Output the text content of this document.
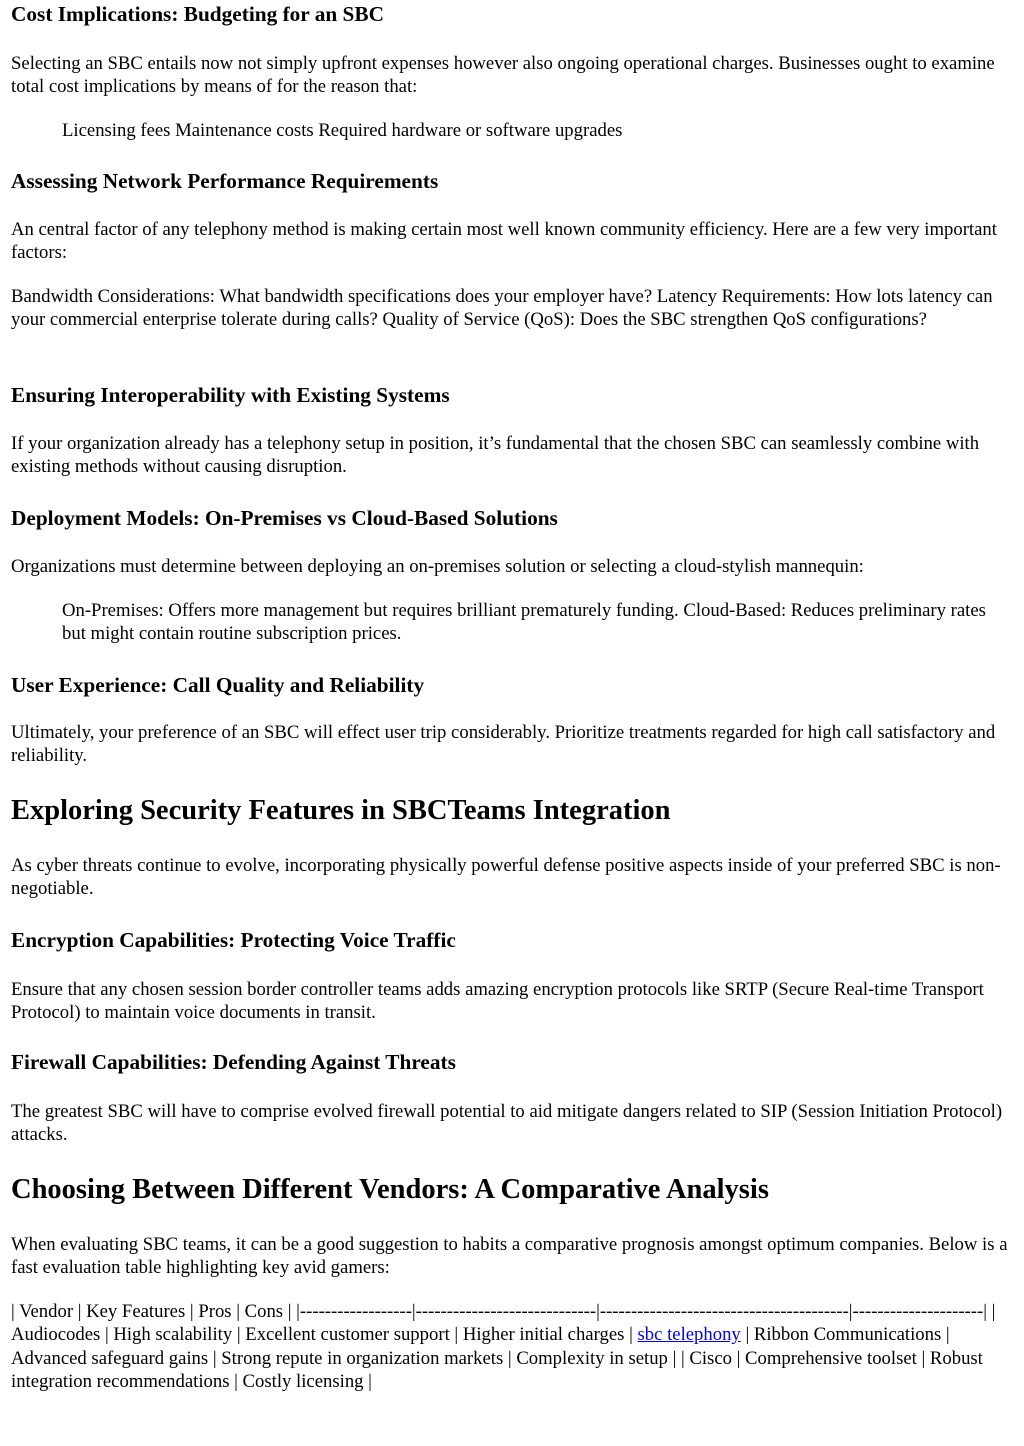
Cost Implications: Budgeting for an SBC

Selecting an SBC entails now not simply upfront expenses however also ongoing operational charges. Businesses ought to examine total cost implications by means of for the reason that:

Licensing fees Maintenance costs Required hardware or software upgrades

Assessing Network Performance Requirements

An central factor of any telephony method is making certain most well known community efficiency. Here are a few very important factors:

Bandwidth Considerations: What bandwidth specifications does your employer have? Latency Requirements: How lots latency can your commercial enterprise tolerate during calls? Quality of Service (QoS): Does the SBC strengthen QoS configurations?

Ensuring Interoperability with Existing Systems

If your organization already has a telephony setup in position, it’s fundamental that the chosen SBC can seamlessly combine with existing methods without causing disruption.

Deployment Models: On-Premises vs Cloud-Based Solutions

Organizations must determine between deploying an on-premises solution or selecting a cloud-stylish mannequin:

On-Premises: Offers more management but requires brilliant prematurely funding. Cloud-Based: Reduces preliminary rates but might contain routine subscription prices.

User Experience: Call Quality and Reliability

Ultimately, your preference of an SBC will effect user trip considerably. Prioritize treatments regarded for high call satisfactory and reliability.

Exploring Security Features in SBCTeams Integration

As cyber threats continue to evolve, incorporating physically powerful defense positive aspects inside of your preferred SBC is non-negotiable.

Encryption Capabilities: Protecting Voice Traffic

Ensure that any chosen session border controller teams adds amazing encryption protocols like SRTP (Secure Real-time Transport Protocol) to maintain voice documents in transit.

Firewall Capabilities: Defending Against Threats

The greatest SBC will have to comprise evolved firewall potential to aid mitigate dangers related to SIP (Session Initiation Protocol) attacks.

Choosing Between Different Vendors: A Comparative Analysis

When evaluating SBC teams, it can be a good suggestion to habits a comparative prognosis amongst optimum companies. Below is a fast evaluation table highlighting key avid gamers:

| Vendor | Key Features | Pros | Cons | |------------------|-----------------------------|----------------------------------------|---------------------| | Audiocodes | High scalability | Excellent customer support | Higher initial charges | sbc telephony | Ribbon Communications | Advanced safeguard gains | Strong repute in organization markets | Complexity in setup | | Cisco | Comprehensive toolset | Robust integration recommendations | Costly licensing |
